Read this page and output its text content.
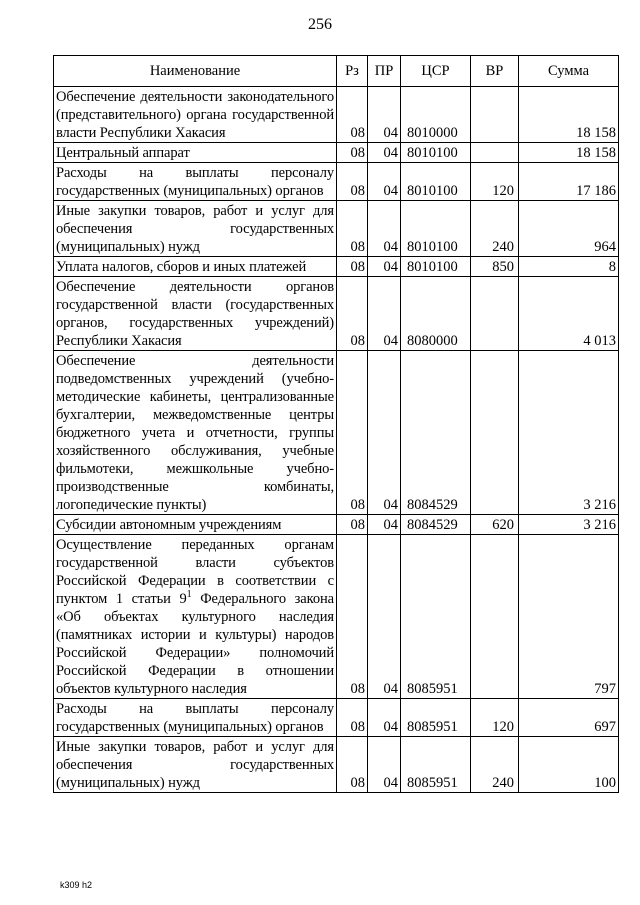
256
Наименование	Рз	ПР	ЦСР	ВР	Сумма
Обеспечение деятельности законодательного (представительного) органа государственной власти Республики Хакасия	08	04	8010000		18 158
Центральный аппарат	08	04	8010100		18 158
Расходы на выплаты персоналу государственных (муниципальных) органов	08	04	8010100	120	17 186
Иные закупки товаров, работ и услуг для обеспечения государственных (муниципальных) нужд	08	04	8010100	240	964
Уплата налогов, сборов и иных платежей	08	04	8010100	850	8
Обеспечение деятельности органов государственной власти (государственных органов, государственных учреждений) Республики Хакасия	08	04	8080000		4 013
Обеспечение деятельности подведомственных учреждений (учебно-методические кабинеты, централизованные бухгалтерии, межведомственные центры бюджетного учета и отчетности, группы хозяйственного обслуживания, учебные фильмотеки, межшкольные учебно-производственные комбинаты, логопедические пункты)	08	04	8084529		3 216
Субсидии автономным учреждениям	08	04	8084529	620	3 216
Осуществление переданных органам государственной власти субъектов Российской Федерации в соответствии с пунктом 1 статьи $9^1$ Федерального закона «Об объектах культурного наследия (памятниках истории и культуры) народов Российской Федерации» полномочий Российской Федерации в отношении объектов культурного наследия	08	04	8085951		797
Расходы на выплаты персоналу государственных (муниципальных) органов	08	04	8085951	120	697
Иные закупки товаров, работ и услуг для обеспечения государственных (муниципальных) нужд	08	04	8085951	240	100
k309 h2
